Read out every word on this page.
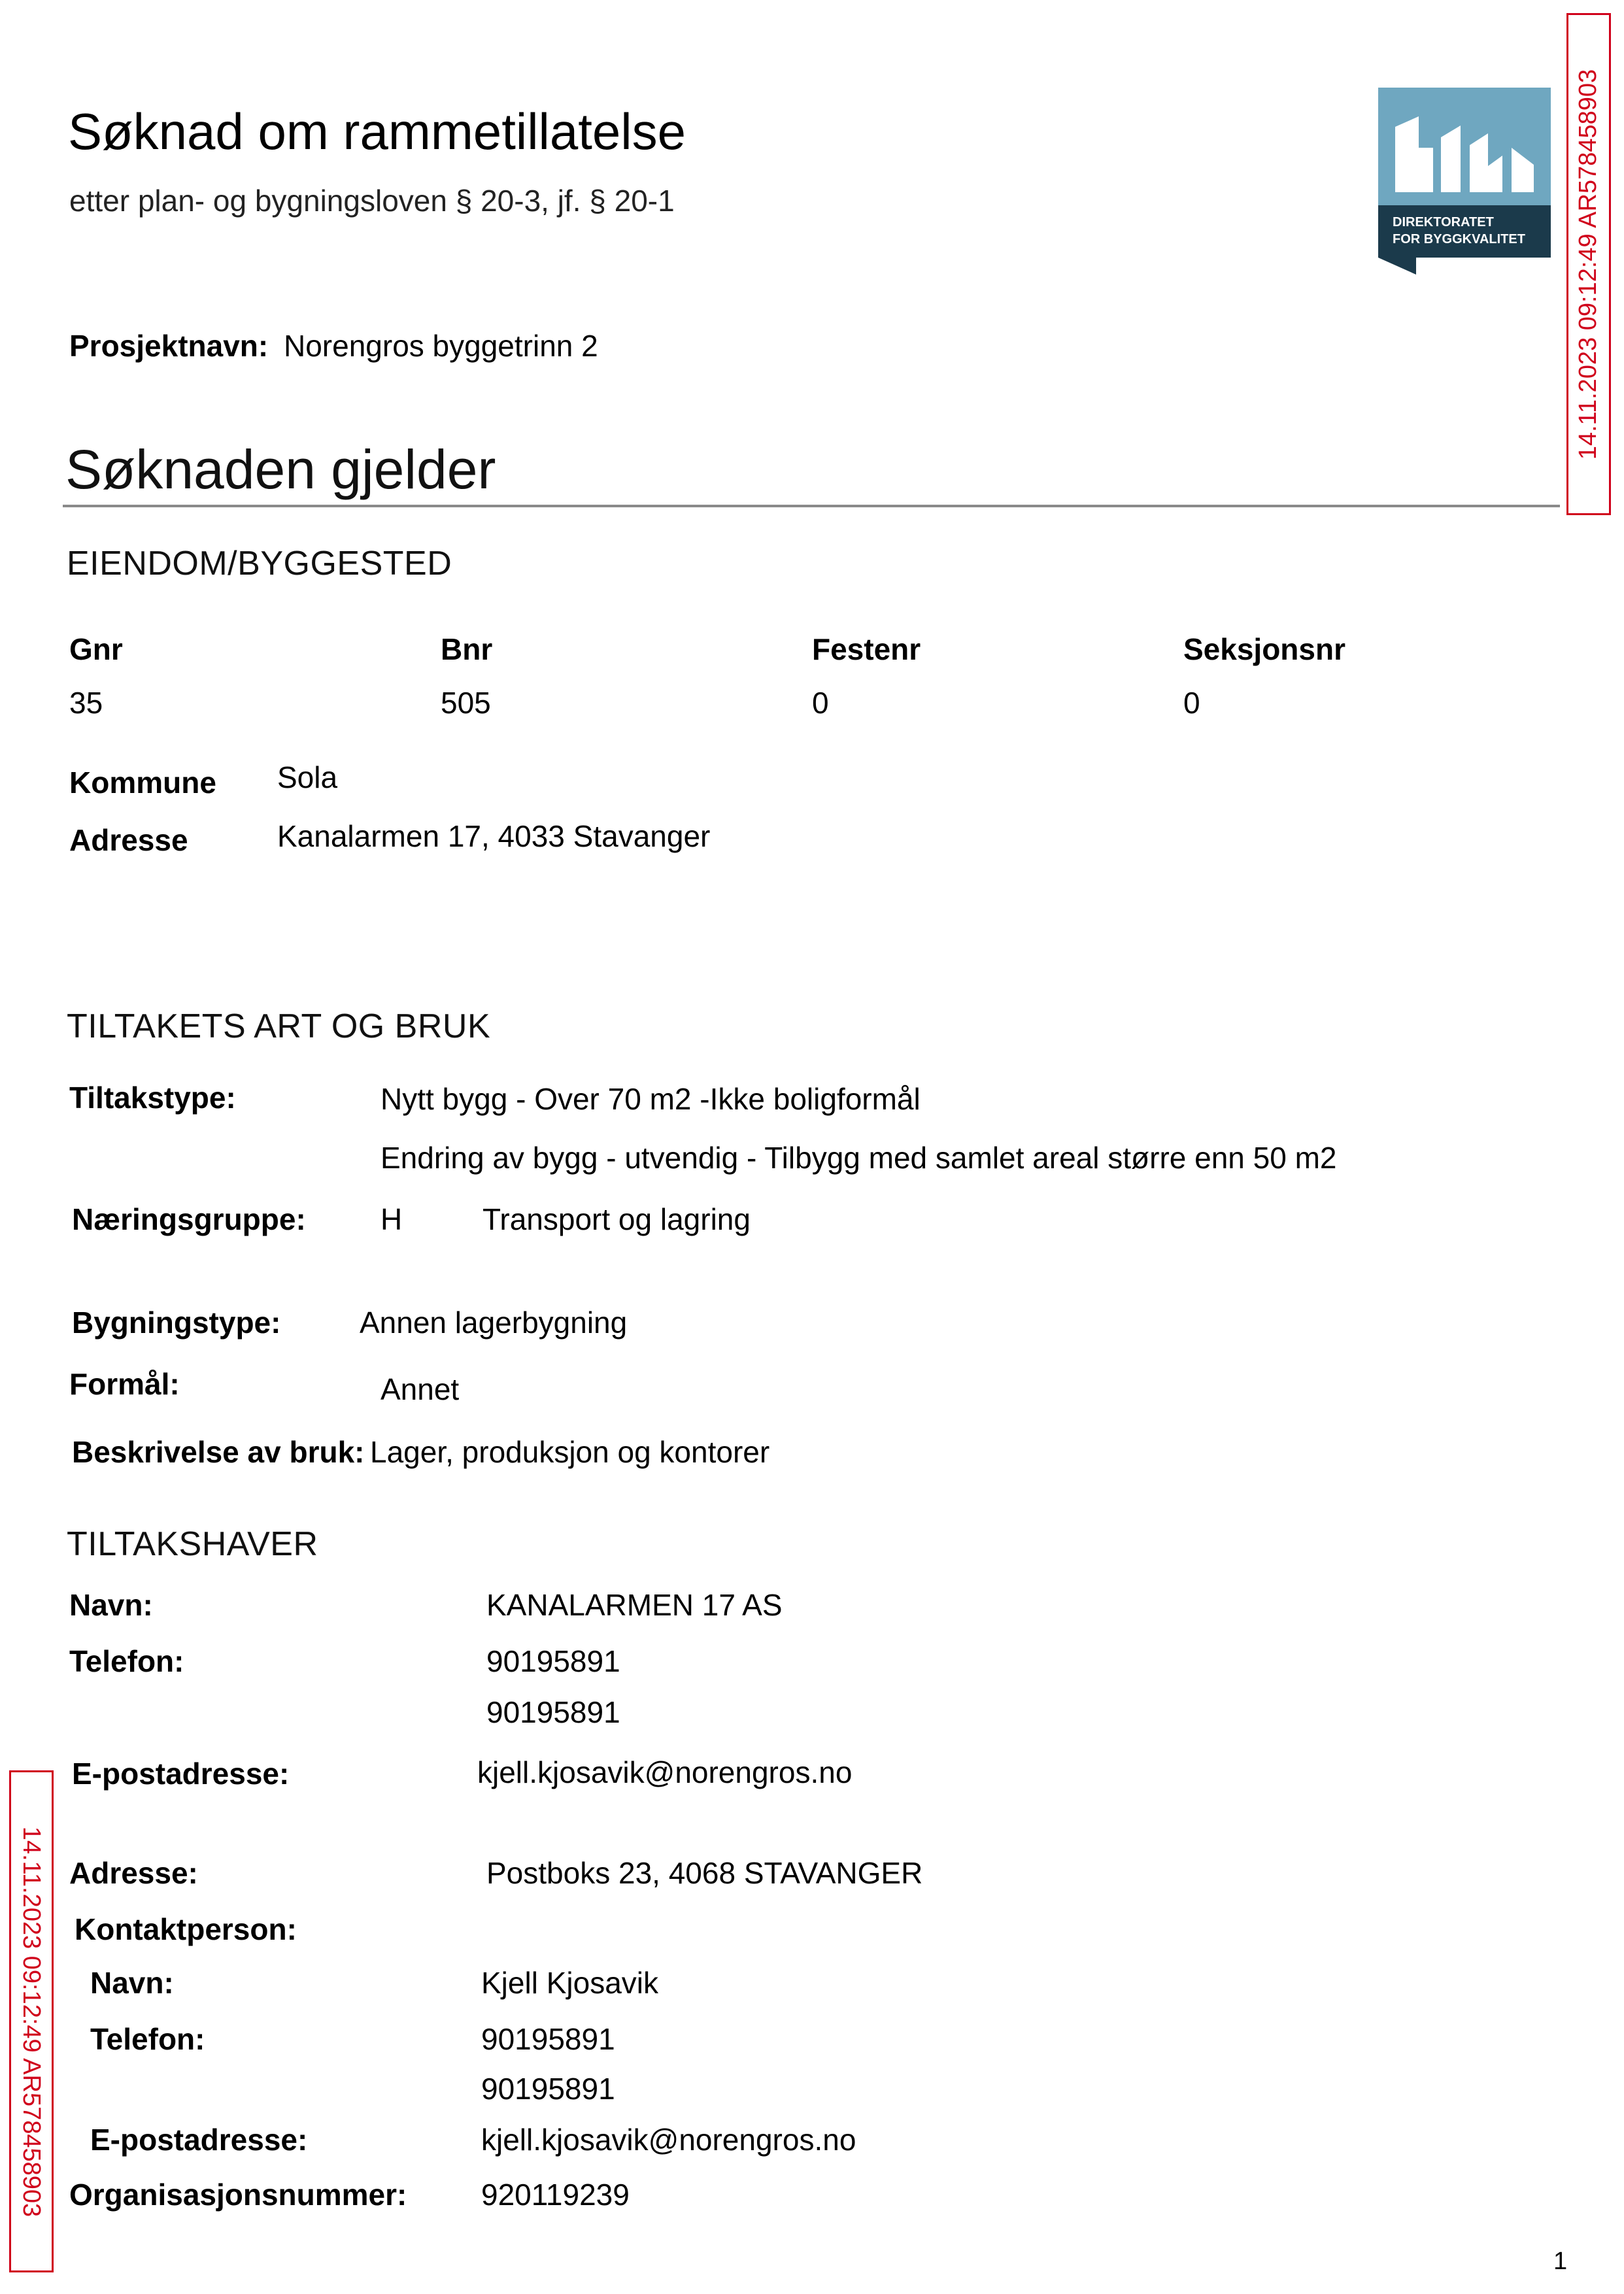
Søknad om rammetillatelse
etter plan- og bygningsloven § 20-3, jf. § 20-1
DIREKTORATET
FOR BYGGKVALITET
Prosjektnavn: Norengros byggetrinn 2
Søknaden gjelder
EIENDOM/BYGGESTED
Gnr	Bnr	Festenr	Seksjonsnr
35	505	0	0
Kommune Sola
Adresse	Kanalarmen 17, 4033 Stavanger
TILTAKETS ART OG BRUK
Tiltakstype:	Nytt bygg - Over 70 m2 -Ikke boligformål
Endring av bygg - utvendig - Tilbygg med samlet areal større enn 50 m2
Næringsgruppe: H	Transport og lagring
Bygningstype:	Annen lagerbygning
Formål:	Annet
Beskrivelse av bruk: Lager, produksjon og kontorer
TILTAKSHAVER
Navn:	KANALARMEN 17 AS
Telefon:	90195891
90195891
E-postadresse:	kjell.kjosavik@norengros.no
Adresse:	Postboks 23, 4068 STAVANGER
Kontaktperson:
Navn:	Kjell Kjosavik
Telefon:	90195891
90195891
E-postadresse:	kjell.kjosavik@norengros.no
Organisasjonsnummer: 920119239
14.11.2023 09:12:49 AR578458903
14.11.2023 09:12:49 AR578458903
1
